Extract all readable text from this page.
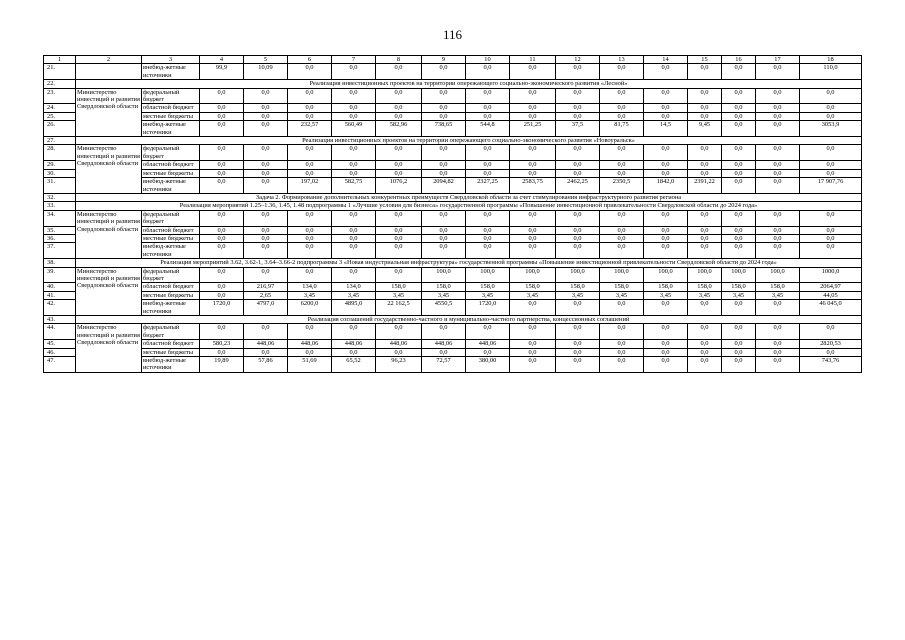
116
1	2	3	4	5	6	7	8	9	10	11	12	13	14	15	16	17	18
21.		внебюд-жетные источники	99,9	10,09	0,0	0,0	0,0	0,0	0,0	0,0	0,0	0,0	0,0	0,0	0,0	0,0	110,0
22.	Реализация инвестиционных проектов на территории опережающего социально-экономического развития «Лесной»																
23.	Министерство инвестиций и развития Свердловской области	федеральный бюджет	0,0	0,0	0,0	0,0	0,0	0,0	0,0	0,0	0,0	0,0	0,0	0,0	0,0	0,0	0,0
24.		областной бюджет	0,0	0,0	0,0	0,0	0,0	0,0	0,0	0,0	0,0	0,0	0,0	0,0	0,0	0,0	0,0
25.		местные бюджеты	0,0	0,0	0,0	0,0	0,0	0,0	0,0	0,0	0,0	0,0	0,0	0,0	0,0	0,0	0,0
26.		внебюд-жетные источники	0,0	0,0	232,57	560,49	582,96	738,65	544,8	251,25	37,5	81,75	14,5	9,45	0,0	0,0	3053,9
27.	Реализация инвестиционных проектов на территории опережающего социально-экономического развития «Новоуральск»																
28.	Министерство инвестиций и развития Свердловской области	федеральный бюджет	0,0	0,0	0,0	0,0	0,0	0,0	0,0	0,0	0,0	0,0	0,0	0,0	0,0	0,0	0,0
29.		областной бюджет	0,0	0,0	0,0	0,0	0,0	0,0	0,0	0,0	0,0	0,0	0,0	0,0	0,0	0,0	0,0
30.		местные бюджеты	0,0	0,0	0,0	0,0	0,0	0,0	0,0	0,0	0,0	0,0	0,0	0,0	0,0	0,0	0,0
31.		внебюд-жетные источники	0,0	0,0	197,02	582,75	1076,2	2094,82	2327,25	2583,75	2462,25	2350,5	1842,0	2391,22	0,0	0,0	17 907,76
32.	Задача 2. Формирование дополнительных конкурентных преимуществ Свердловской области за счет стимулирования инфраструктурного развития региона																
33.	Реализация мероприятий 1.25–1.36, 1.45, 1.48 подпрограммы 1 «Лучшие условия для бизнеса» государственной программы «Повышение инвестиционной привлекательности Свердловской области до 2024 года»																
34.	Министерство инвестиций и развития Свердловской области	федеральный бюджет	0,0	0,0	0,0	0,0	0,0	0,0	0,0	0,0	0,0	0,0	0,0	0,0	0,0	0,0	0,0
35.		областной бюджет	0,0	0,0	0,0	0,0	0,0	0,0	0,0	0,0	0,0	0,0	0,0	0,0	0,0	0,0	0,0
36.		местные бюджеты	0,0	0,0	0,0	0,0	0,0	0,0	0,0	0,0	0,0	0,0	0,0	0,0	0,0	0,0	0,0
37.		внебюд-жетные источники	0,0	0,0	0,0	0,0	0,0	0,0	0,0	0,0	0,0	0,0	0,0	0,0	0,0	0,0	0,0
38.	Реализация мероприятий 3.62, 3.62-1, 3.64–3.66-2 подпрограммы 3 «Новая индустриальная инфраструктура» государственной программы «Повышение инвестиционной привлекательности Свердловской области до 2024 года»																
39.	Министерство инвестиций и развития Свердловской области	федеральный бюджет	0,0	0,0	0,0	0,0	0,0	100,0	100,0	100,0	100,0	100,0	100,0	100,0	100,0	100,0	1000,0
40.		областной бюджет	0,0	216,97	134,0	134,0	158,0	158,0	158,0	158,0	158,0	158,0	158,0	158,0	158,0	158,0	2064,97
41.		местные бюджеты	0,0	2,65	3,45	3,45	3,45	3,45	3,45	3,45	3,45	3,45	3,45	3,45	3,45	3,45	44,05
42.		внебюд-жетные источники	1720,0	4797,0	6200,0	4895,0	22 162,5	4550,5	1720,0	0,0	0,0	0,0	0,0	0,0	0,0	0,0	46 045,0
43.	Реализация соглашений государственно-частного и муниципально-частного партнерства, концессионных соглашений																
44.	Министерство инвестиций и развития Свердловской области	федеральный бюджет	0,0	0,0	0,0	0,0	0,0	0,0	0,0	0,0	0,0	0,0	0,0	0,0	0,0	0,0	0,0
45.		областной бюджет	580,23	448,06	448,06	448,06	448,06	448,06	448,06	0,0	0,0	0,0	0,0	0,0	0,0	0,0	2820,53
46.		местные бюджеты	0,0	0,0	0,0	0,0	0,0	0,0	0,0	0,0	0,0	0,0	0,0	0,0	0,0	0,0	0,0
47.		внебюд-жетные источники	19,89	57,86	51,69	65,52	96,23	72,57	380,00	0,0	0,0	0,0	0,0	0,0	0,0	0,0	743,76
